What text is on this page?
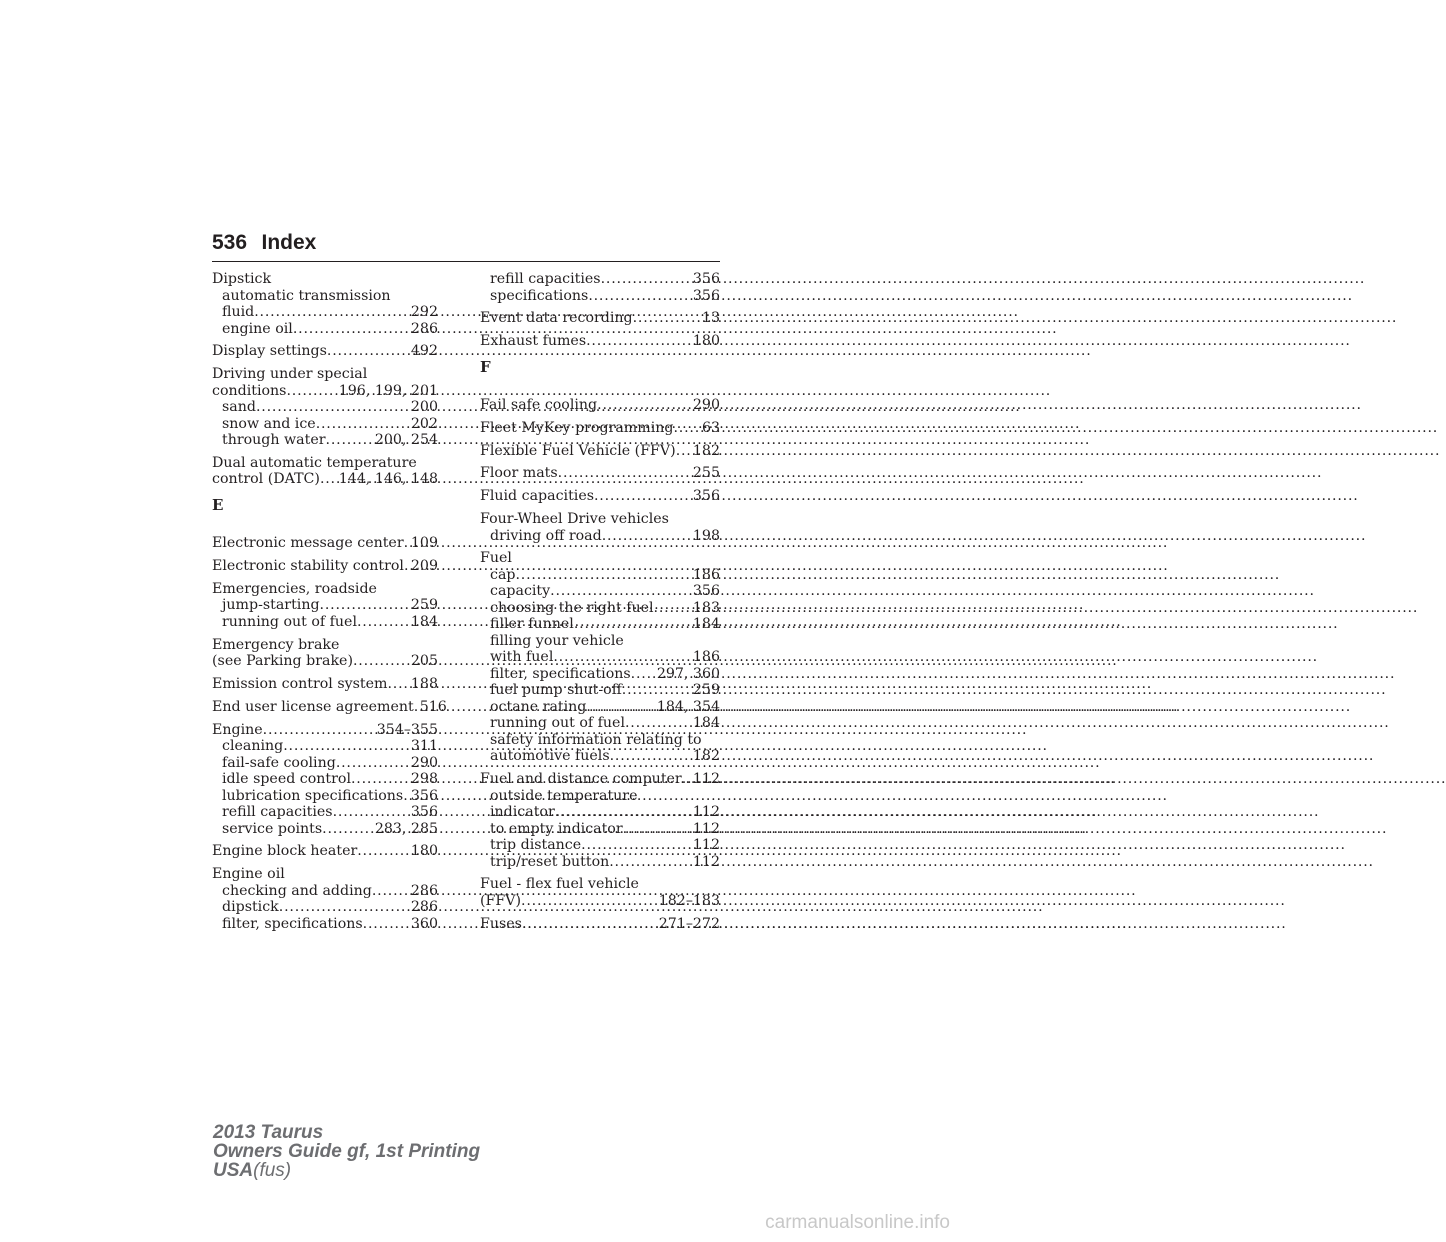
536 Index
Dipstick
automatic transmission
fluid .....	292
engine oil .....	286
Display settings .....	492
Driving under special
conditions .....	196, 199, 201
sand .....	200
snow and ice .....	202
through water .....	200, 254
Dual automatic temperature
control (DATC) ..... 144, 146, 148
E
Electronic message center ..... 109
Electronic stability control ..... 209
Emergencies, roadside
jump-starting .....	259
running out of fuel .....	184
Emergency brake
(see Parking brake) .....	205
Emission control system ..... 188
End user license agreement ..... 516
Engine .....	354–355
cleaning .....	311
fail-safe cooling .....	290
idle speed control .....	298
lubrication specifications ..... 356
refill capacities .....	356
service points .....	283, 285
Engine block heater .....	180
Engine oil
checking and adding .....	286
dipstick .....	286
filter, specifications .....	360
refill capacities .....	356
specifications .....	356
Event data recording .....	13
Exhaust fumes .....	180
F
Fail safe cooling .....	290
Fleet MyKey programming ..... 63
Flexible Fuel Vehicle (FFV) ..... 182
Floor mats .....	255
Fluid capacities .....	356
Four-Wheel Drive vehicles
driving off road .....	198
Fuel
cap .....	186
capacity .....	356
choosing the right fuel .....	183
filler funnel .....	184
filling your vehicle
with fuel .....	186
filter, specifications ..... 297, 360
fuel pump shut-off .....	259
octane rating .....	184, 354
running out of fuel .....	184
safety information relating to
automotive fuels .....	182
Fuel and distance computer ..... 112
outside temperature
indicator .....	112
to empty indicator .....	112
trip distance .....	112
trip/reset button .....	112
Fuel - flex fuel vehicle
(FFV) .....	182–183
Fuses .....	271–272
2013 Taurus
Owners Guide gf, 1st Printing
USA(fus)
carmanualsonline.info
